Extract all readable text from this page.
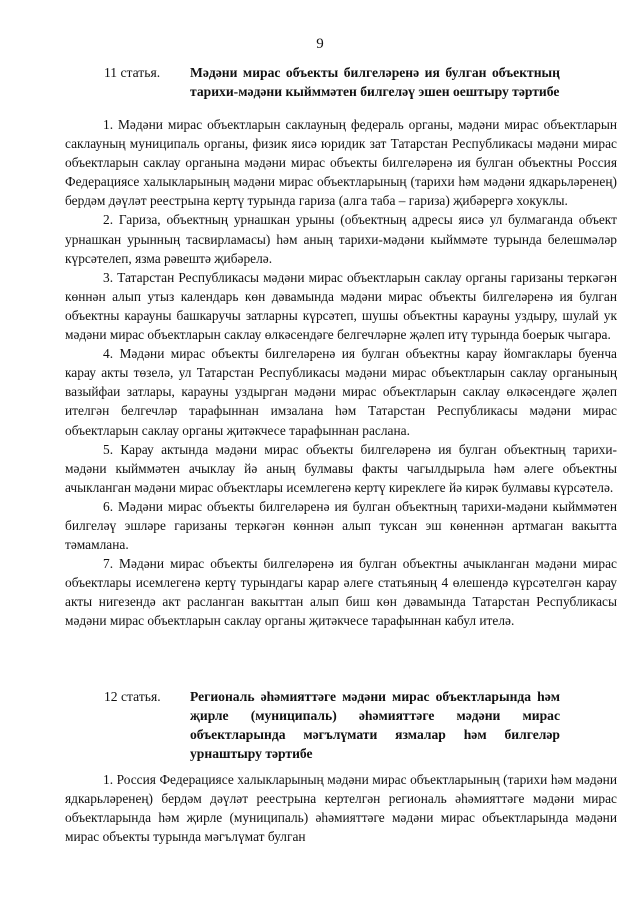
9
11 статья.	Мәдәни мирас объекты билгеләренә ия булган объектның тарихи-мәдәни кыйммәтен билгеләү эшен оештыру тәртибе

1. Мәдәни мирас объектларын саклауның федераль органы, мәдәни мирас объектларын саклауның муниципаль органы, физик яисә юридик зат Татарстан Республикасы мәдәни мирас объектларын саклау органына мәдәни мирас объекты билгеләренә ия булган объектны Россия Федерациясе халыкларының мәдәни мирас объектларының (тарихи һәм мәдәни ядкарьләренең) бердәм дәүләт реестрына кертү турында гариза (алга таба – гариза) җибәрергә хокуклы.

2. Гариза, объектның урнашкан урыны (объектның адресы яисә ул булмаганда объект урнашкан урынның тасвирламасы) һәм аның тарихи-мәдәни кыйммәте турында белешмәләр күрсәтелеп, язма рәвештә җибәрелә.

3. Татарстан Республикасы мәдәни мирас объектларын саклау органы гаризаны теркәгән көннән алып утыз календарь көн дәвамында мәдәни мирас объекты билгеләренә ия булган объектны карауны башкаручы затларны күрсәтеп, шушы объектны карауны уздыру, шулай ук мәдәни мирас объектларын саклау өлкәсендәге белгечләрне җәлеп итү турында боерык чыгара.

4. Мәдәни мирас объекты билгеләренә ия булган объектны карау йомгаклары буенча карау акты төзелә, ул Татарстан Республикасы мәдәни мирас объектларын саклау органының вазыйфаи затлары, карауны уздырган мәдәни мирас объектларын саклау өлкәсендәге җәлеп ителгән белгечләр тарафыннан имзалана һәм Татарстан Республикасы мәдәни мирас объектларын саклау органы җитәкчесе тарафыннан раслана.

5. Карау актында мәдәни мирас объекты билгеләренә ия булган объектның тарихи-мәдәни кыйммәтен ачыклау йә аның булмавы факты чагылдырыла һәм әлеге объектны ачыкланган мәдәни мирас объектлары исемлегенә кертү киреклеге йә кирәк булмавы күрсәтелә.

6. Мәдәни мирас объекты билгеләренә ия булган объектның тарихи-мәдәни кыйммәтен билгеләү эшләре гаризаны теркәгән көннән алып туксан эш көненнән артмаган вакытта тәмамлана.

7. Мәдәни мирас объекты билгеләренә ия булган объектны ачыкланган мәдәни мирас объектлары исемлегенә кертү турындагы карар әлеге статьяның 4 өлешендә күрсәтелгән карау акты нигезендә акт расланган вакыттан алып биш көн дәвамында Татарстан Республикасы мәдәни мирас объектларын саклау органы җитәкчесе тарафыннан кабул ителә.

12 статья.	Региональ әһәмияттәге мәдәни мирас объектларында һәм җирле (муниципаль) әһәмияттәге мәдәни мирас объектларында мәгълүмати язмалар һәм билгеләр урнаштыру тәртибе

1. Россия Федерациясе халыкларының мәдәни мирас объектларының (тарихи һәм мәдәни ядкарьләренең) бердәм дәүләт реестрына кертелгән региональ әһәмияттәге мәдәни мирас объектларында һәм җирле (муниципаль) әһәмияттәге мәдәни мирас объектларында мәдәни мирас объекты турында мәгълүмат булган
